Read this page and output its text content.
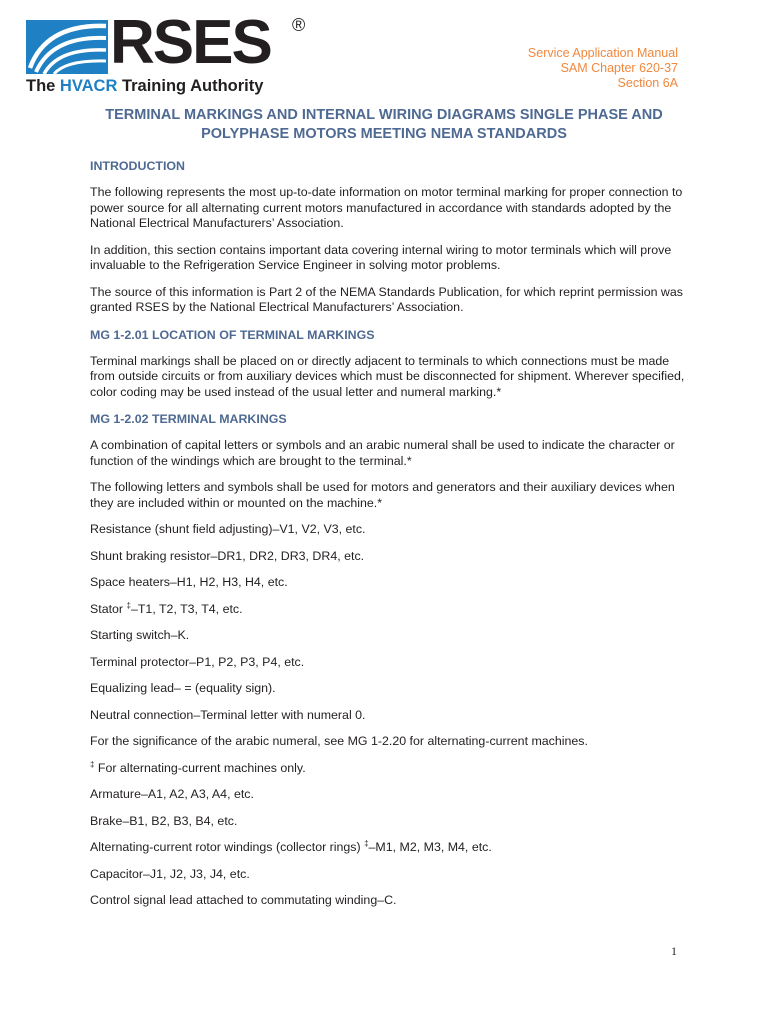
RSES ®
The HVACR Training Authority
Service Application Manual
SAM Chapter 620-37
Section 6A
TERMINAL MARKINGS AND INTERNAL WIRING DIAGRAMS SINGLE PHASE AND POLYPHASE MOTORS MEETING NEMA STANDARDS
INTRODUCTION

The following represents the most up-to-date information on motor terminal marking for proper connection to power source for all alternating current motors manufactured in accordance with standards adopted by the National Electrical Manufacturers’ Association.

In addition, this section contains important data covering internal wiring to motor terminals which will prove invaluable to the Refrigeration Service Engineer in solving motor problems.

The source of this information is Part 2 of the NEMA Standards Publication, for which reprint permission was granted RSES by the National Electrical Manufacturers’ Association.

MG 1-2.01 LOCATION OF TERMINAL MARKINGS

Terminal markings shall be placed on or directly adjacent to terminals to which connections must be made from outside circuits or from auxiliary devices which must be disconnected for shipment. Wherever specified, color coding may be used instead of the usual letter and numeral marking.*

MG 1-2.02 TERMINAL MARKINGS

A combination of capital letters or symbols and an arabic numeral shall be used to indicate the character or function of the windings which are brought to the terminal.*

The following letters and symbols shall be used for motors and generators and their auxiliary devices when they are included within or mounted on the machine.*

Resistance (shunt field adjusting)–V1, V2, V3, etc.

Shunt braking resistor–DR1, DR2, DR3, DR4, etc.

Space heaters–H1, H2, H3, H4, etc.

Stator ‡–T1, T2, T3, T4, etc.

Starting switch–K.

Terminal protector–P1, P2, P3, P4, etc.

Equalizing lead– = (equality sign).

Neutral connection–Terminal letter with numeral 0.

For the significance of the arabic numeral, see MG 1-2.20 for alternating-current machines.

‡ For alternating-current machines only.

Armature–A1, A2, A3, A4, etc.

Brake–B1, B2, B3, B4, etc.

Alternating-current rotor windings (collector rings) ‡–M1, M2, M3, M4, etc.

Capacitor–J1, J2, J3, J4, etc.

Control signal lead attached to commutating winding–C.

1
